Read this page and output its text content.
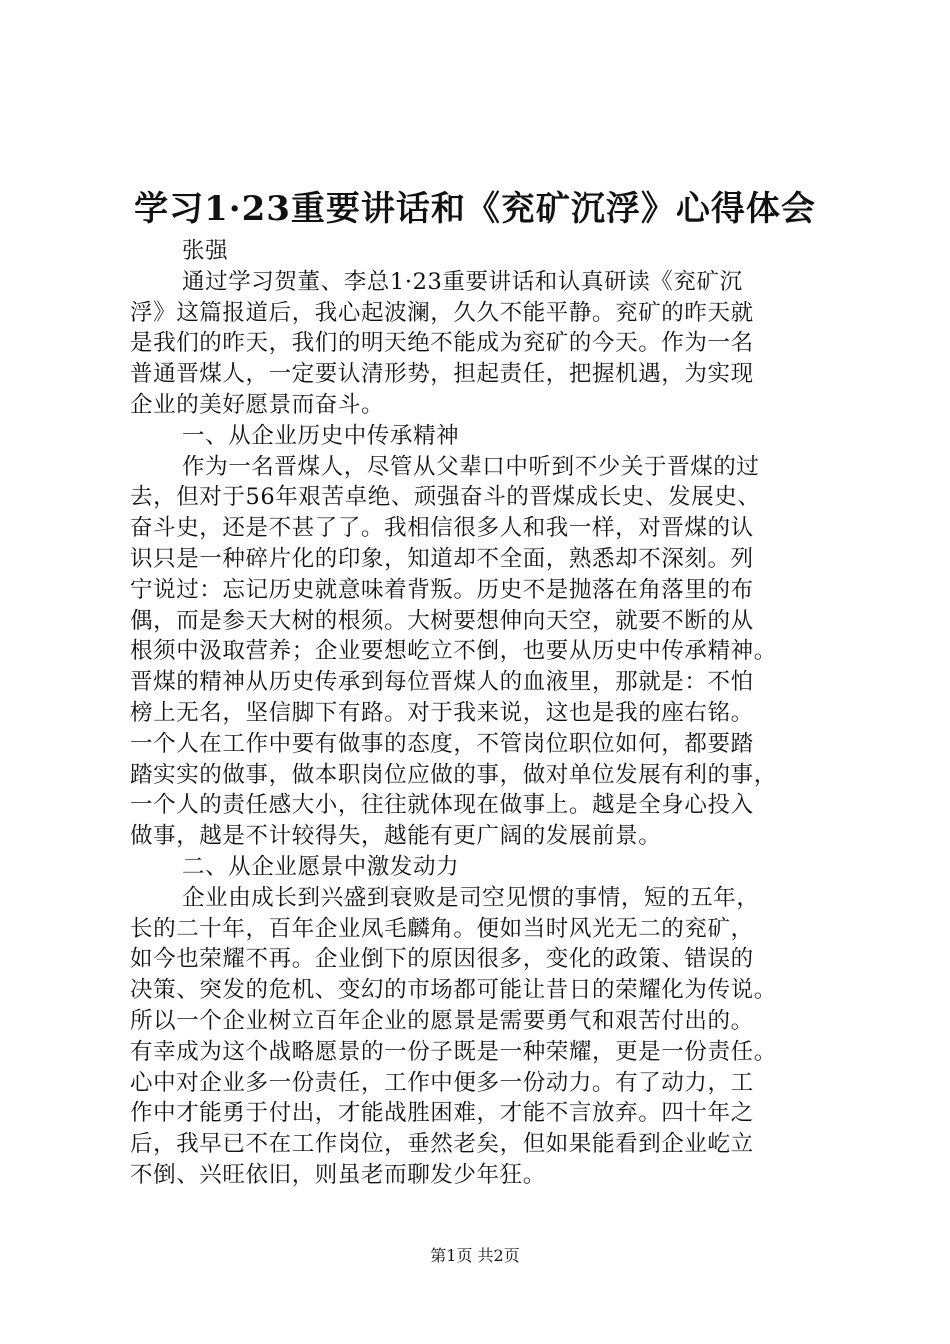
学习1·23重要讲话和《兖矿沉浮》心得体会
张强
通过学习贺董、李总1·23重要讲话和认真研读《兖矿沉
浮》这篇报道后，我心起波澜，久久不能平静。兖矿的昨天就
是我们的昨天，我们的明天绝不能成为兖矿的今天。作为一名
普通晋煤人，一定要认清形势，担起责任，把握机遇，为实现
企业的美好愿景而奋斗。
一、从企业历史中传承精神
作为一名晋煤人，尽管从父辈口中听到不少关于晋煤的过
去，但对于56年艰苦卓绝、顽强奋斗的晋煤成长史、发展史、
奋斗史，还是不甚了了。我相信很多人和我一样，对晋煤的认
识只是一种碎片化的印象，知道却不全面，熟悉却不深刻。列
宁说过：忘记历史就意味着背叛。历史不是抛落在角落里的布
偶，而是参天大树的根须。大树要想伸向天空，就要不断的从
根须中汲取营养；企业要想屹立不倒，也要从历史中传承精神。
晋煤的精神从历史传承到每位晋煤人的血液里，那就是：不怕
榜上无名，坚信脚下有路。对于我来说，这也是我的座右铭。
一个人在工作中要有做事的态度，不管岗位职位如何，都要踏
踏实实的做事，做本职岗位应做的事，做对单位发展有利的事，
一个人的责任感大小，往往就体现在做事上。越是全身心投入
做事，越是不计较得失，越能有更广阔的发展前景。
二、从企业愿景中激发动力
企业由成长到兴盛到衰败是司空见惯的事情，短的五年，
长的二十年，百年企业凤毛麟角。便如当时风光无二的兖矿，
如今也荣耀不再。企业倒下的原因很多，变化的政策、错误的
决策、突发的危机、变幻的市场都可能让昔日的荣耀化为传说。
所以一个企业树立百年企业的愿景是需要勇气和艰苦付出的。
有幸成为这个战略愿景的一份子既是一种荣耀，更是一份责任。
心中对企业多一份责任，工作中便多一份动力。有了动力，工
作中才能勇于付出，才能战胜困难，才能不言放弃。四十年之
后，我早已不在工作岗位，垂然老矣，但如果能看到企业屹立
不倒、兴旺依旧，则虽老而聊发少年狂。
第1页 共2页
